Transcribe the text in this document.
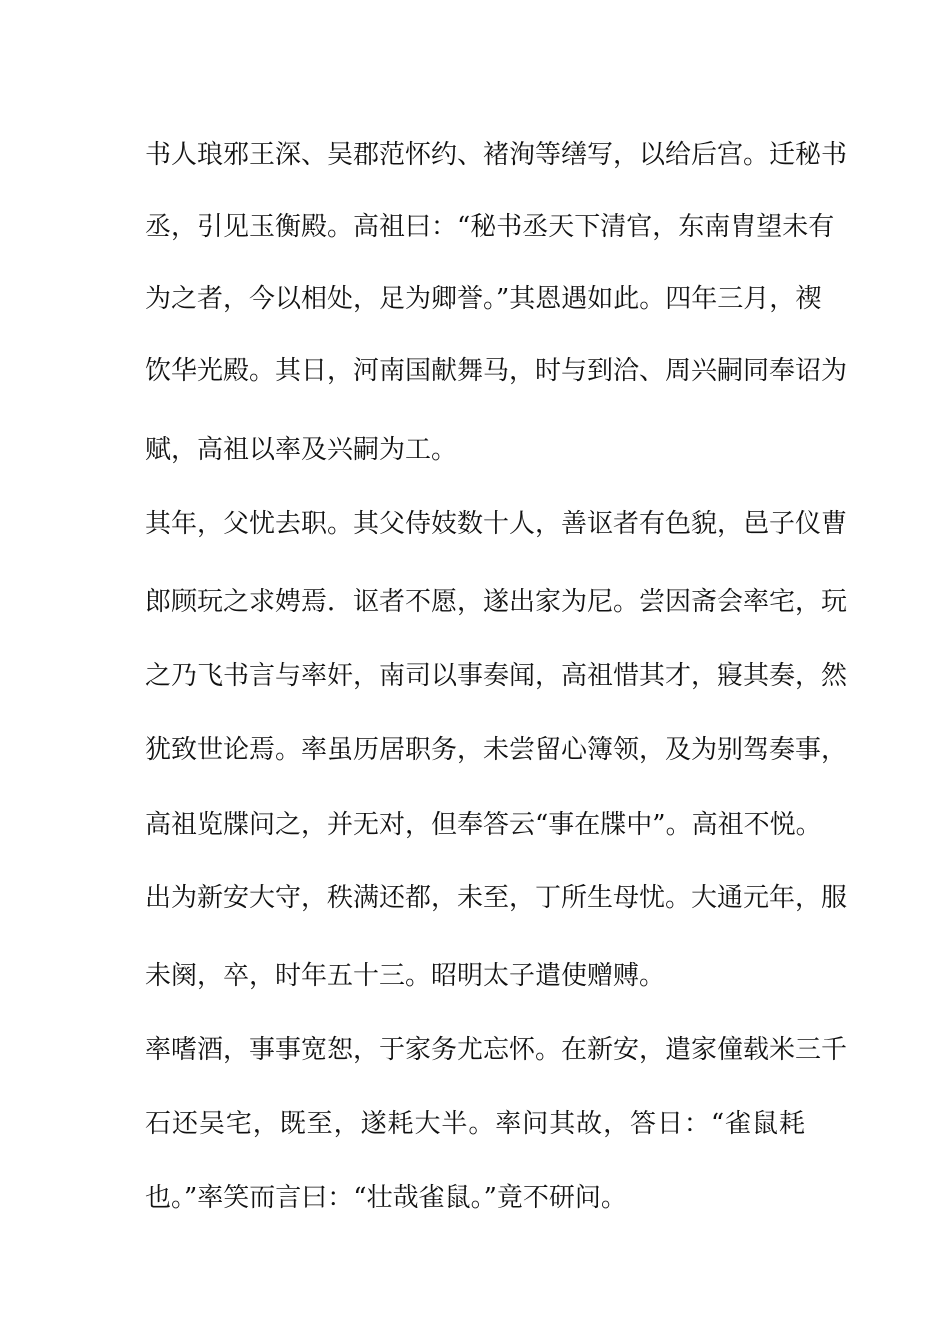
书人琅邪王深、吴郡范怀约、褚洵等缮写，以给后宫。迁秘书
丞，引见玉衡殿。高祖曰：“秘书丞天下清官，东南胄望未有
为之者，今以相处，足为卿誉。”其恩遇如此。四年三月，禊
饮华光殿。其日，河南国献舞马，时与到洽、周兴嗣同奉诏为
赋，高祖以率及兴嗣为工。
其年，父忧去职。其父侍妓数十人，善讴者有色貌，邑子仪曹
郎顾玩之求娉焉．讴者不愿，遂出家为尼。尝因斋会率宅，玩
之乃飞书言与率奸，南司以事奏闻，高祖惜其才，寢其奏，然
犹致世论焉。率虽历居职务，未尝留心簿领，及为别驾奏事，
高祖览牒问之，并无对，但奉答云“事在牒中”。高祖不悦。
出为新安大守，秩满还都，未至，丁所生母忧。大通元年，服
未阕，卒，时年五十三。昭明太子遣使赠赙。
率嗜酒，事事宽恕，于家务尤忘怀。在新安，遣家僮载米三千
石还吴宅，既至，遂耗大半。率问其故，答日：“雀鼠耗
也。”率笑而言曰：“壮哉雀鼠。”竟不研问。
